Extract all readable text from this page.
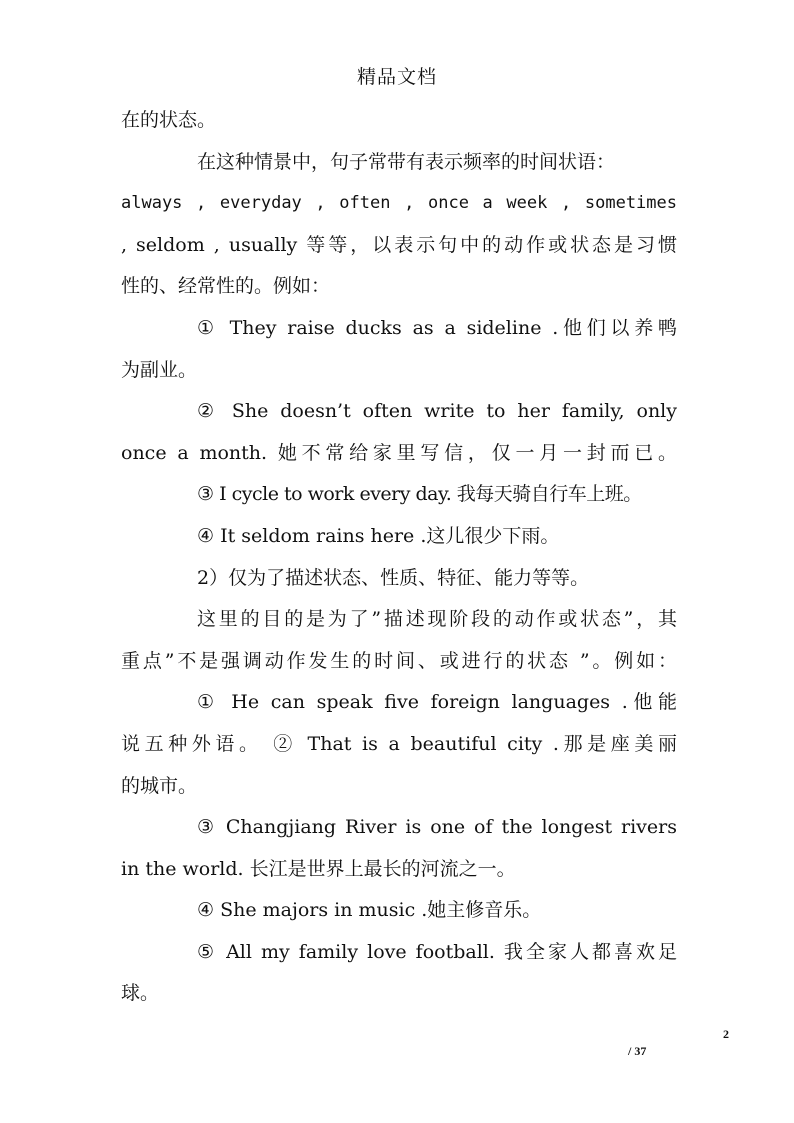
精品文档

在的状态。

在这种情景中，句子常带有表示频率的时间状语：

always , everyday , often , once a week , sometimes

, seldom , usually 等等，以表示句中的动作或状态是习惯

性的、经常性的。例如：

① They raise ducks as a sideline .他们以养鸭

为副业。

② She doesn’t often write to her family, only

once a month. 她不常给家里写信，仅一月一封而已。

③ I cycle to work every day. 我每天骑自行车上班。

④ It seldom rains here .这儿很少下雨。

2）仅为了描述状态、性质、特征、能力等等。

这里的目的是为了”描述现阶段的动作或状态”，其

重点”不是强调动作发生的时间、或进行的状态 ”。例如：

① He can speak five foreign languages .他能

说五种外语。 ② That is a beautiful city .那是座美丽

的城市。

③ Changjiang River is one of the longest rivers

in the world. 长江是世界上最长的河流之一。

④ She majors in music .她主修音乐。

⑤ All my family love football. 我全家人都喜欢足

球。

2
/ 37
